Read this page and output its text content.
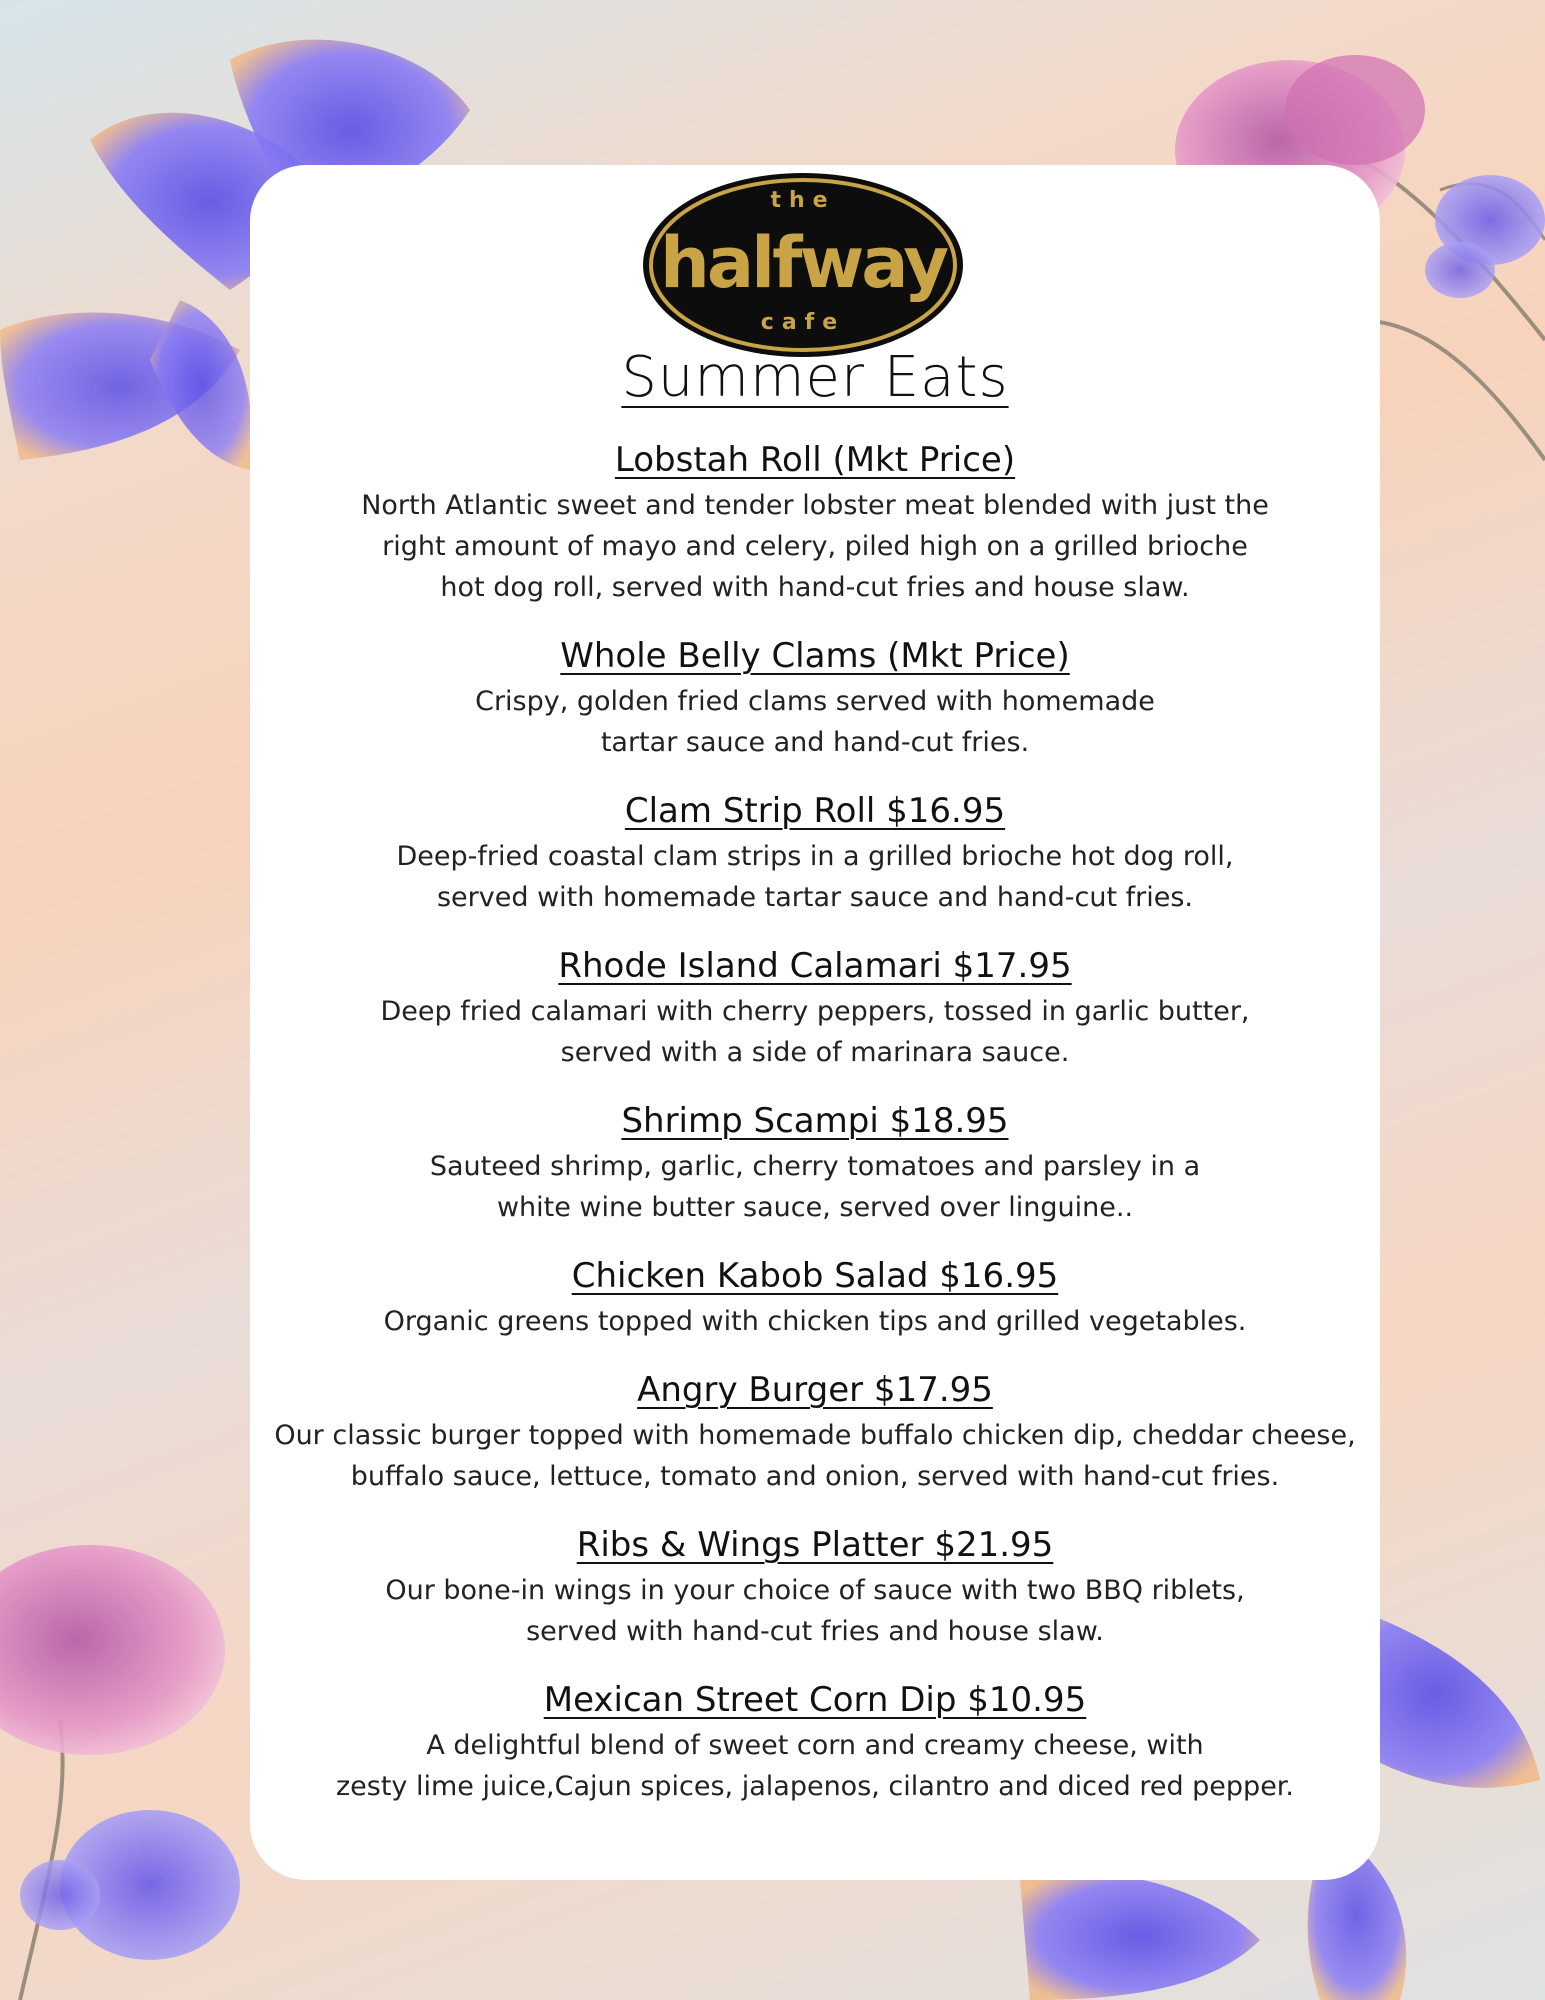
the
halfway
cafe
Summer Eats
Lobstah Roll (Mkt Price)
North Atlantic sweet and tender lobster meat blended with just the
right amount of mayo and celery, piled high on a grilled brioche
hot dog roll, served with hand-cut fries and house slaw.
Whole Belly Clams (Mkt Price)
Crispy, golden fried clams served with homemade
tartar sauce and hand-cut fries.
Clam Strip Roll $16.95
Deep-fried coastal clam strips in a grilled brioche hot dog roll,
served with homemade tartar sauce and hand-cut fries.
Rhode Island Calamari $17.95
Deep fried calamari with cherry peppers, tossed in garlic butter,
served with a side of marinara sauce.
Shrimp Scampi $18.95
Sauteed shrimp, garlic, cherry tomatoes and parsley in a
white wine butter sauce, served over linguine..
Chicken Kabob Salad $16.95
Organic greens topped with chicken tips and grilled vegetables.
Angry Burger $17.95
Our classic burger topped with homemade buffalo chicken dip, cheddar cheese,
buffalo sauce, lettuce, tomato and onion, served with hand-cut fries.
Ribs & Wings Platter $21.95
Our bone-in wings in your choice of sauce with two BBQ riblets,
served with hand-cut fries and house slaw.
Mexican Street Corn Dip $10.95
A delightful blend of sweet corn and creamy cheese, with
zesty lime juice,Cajun spices, jalapenos, cilantro and diced red pepper.
